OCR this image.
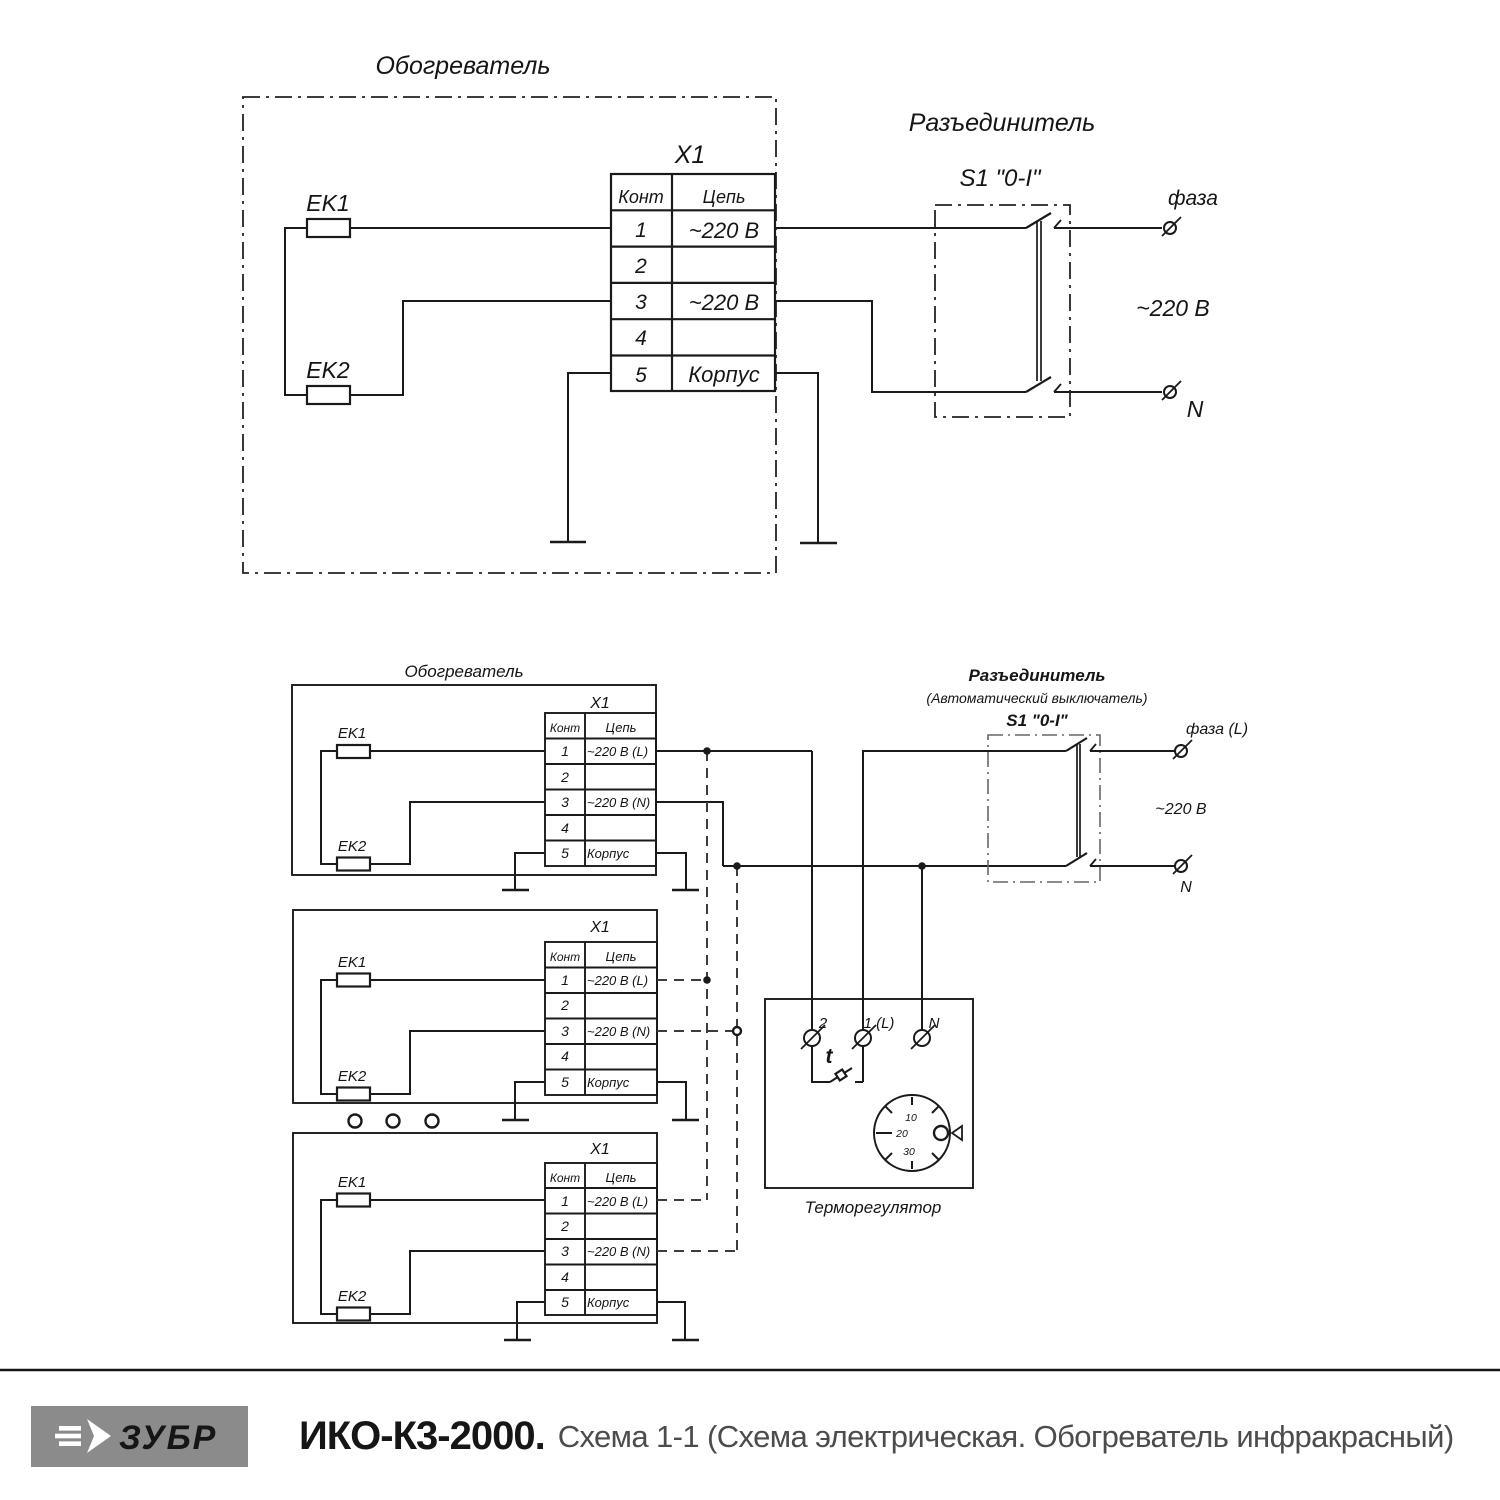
Обогреватель
X1
Конт Цепь
1 ~220 В
2
3 ~220 В
4
5 Корпус
EK1
EK2
Разъединитель
S1 "0-I"
фаза
~220 В
N
Обогреватель
X1
Конт Цепь
1 ~220 В (L)
2
3 ~220 В (N)
4
5 Корпус
EK1
EK2
X1
Конт Цепь
1 ~220 В (L)
2
3 ~220 В (N)
4
5 Корпус
EK1
EK2
X1
Конт Цепь
1 ~220 В (L)
2
3 ~220 В (N)
4
5 Корпус
EK1
EK2
Разъединитель
(Автоматический выключатель)
S1 "0-I"	фаза (L)
~220 В
N
2 1 (L) N
t
10
20
30
Терморегулятор
ЗУБР ИКО-К3-2000. Схема 1-1 (Схема электрическая. Обогреватель инфракрасный)
